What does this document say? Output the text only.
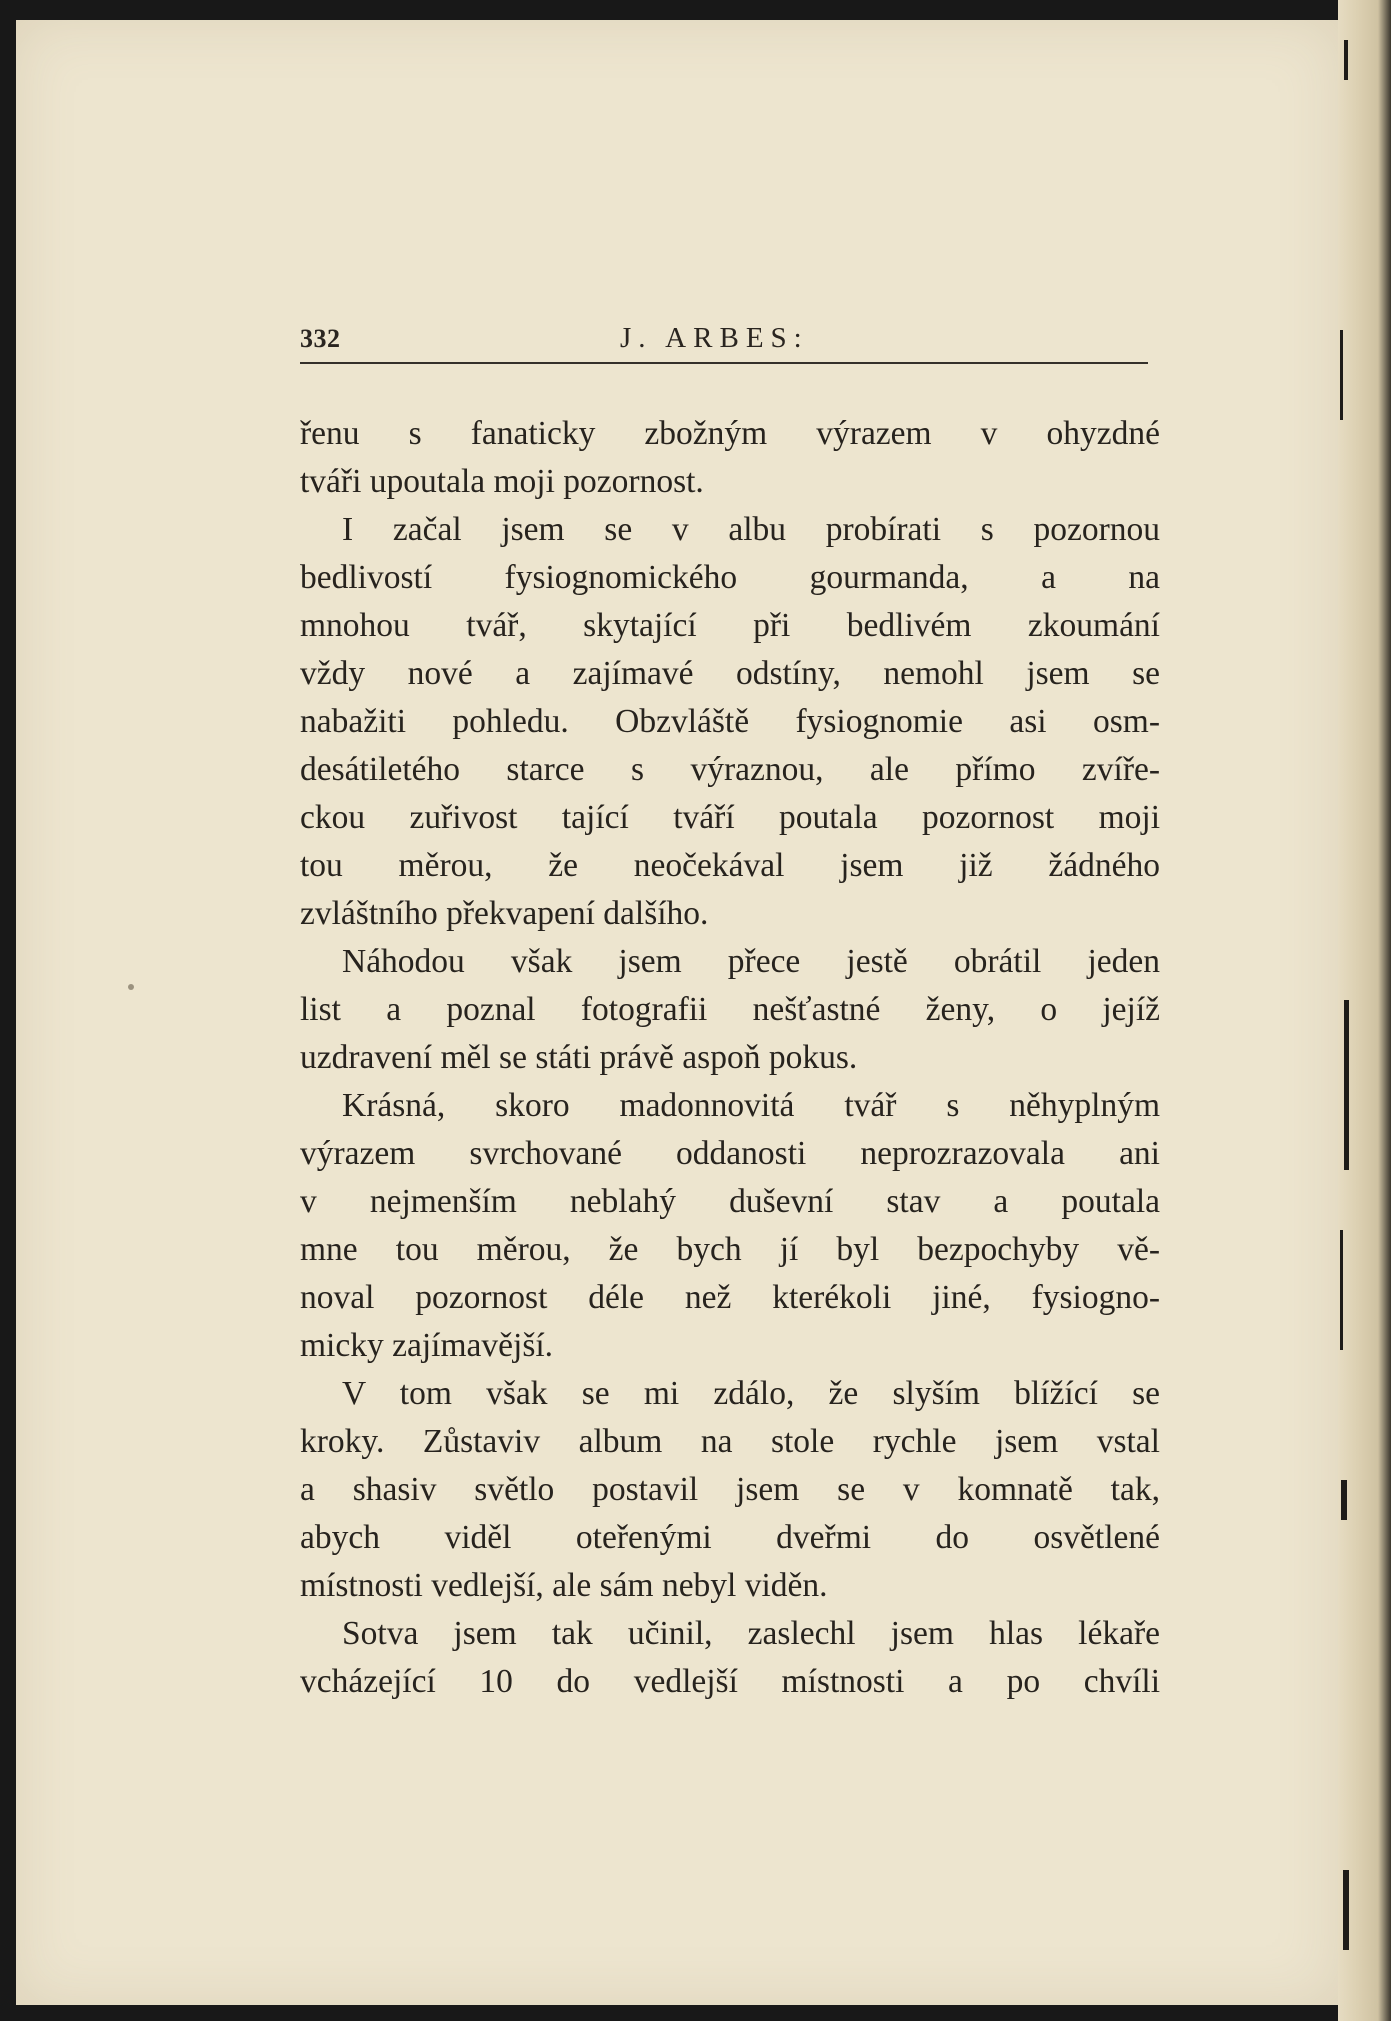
332	J. ARBES:
řenu s fanaticky zbožným výrazem v ohyzdné
tváři upoutala moji pozornost.
I začal jsem se v albu probírati s pozornou
bedlivostí fysiognomického gourmanda, a na
mnohou tvář, skytající při bedlivém zkoumání
vždy nové a zajímavé odstíny, nemohl jsem se
nabažiti pohledu. Obzvláště fysiognomie asi osm-
desátiletého starce s výraznou, ale přímo zvíře-
ckou zuřivost tající tváří poutala pozornost moji
tou měrou, že neočekával jsem již žádného
zvláštního překvapení dalšího.
Náhodou však jsem přece jestě obrátil jeden
list a poznal fotografii nešťastné ženy, o jejíž
uzdravení měl se státi právě aspoň pokus.
Krásná, skoro madonnovitá tvář s něhyplným
výrazem svrchované oddanosti neprozrazovala ani
v nejmenším neblahý duševní stav a poutala
mne tou měrou, že bych jí byl bezpochyby vě-
noval pozornost déle než kterékoli jiné, fysiogno-
micky zajímavější.
V tom však se mi zdálo, že slyším blížící se
kroky. Zůstaviv album na stole rychle jsem vstal
a shasiv světlo postavil jsem se v komnatě tak,
abych viděl oteřenými dveřmi do osvětlené
místnosti vedlejší, ale sám nebyl viděn.
Sotva jsem tak učinil, zaslechl jsem hlas lékaře
vcházející 10 do vedlejší místnosti a po chvíli
